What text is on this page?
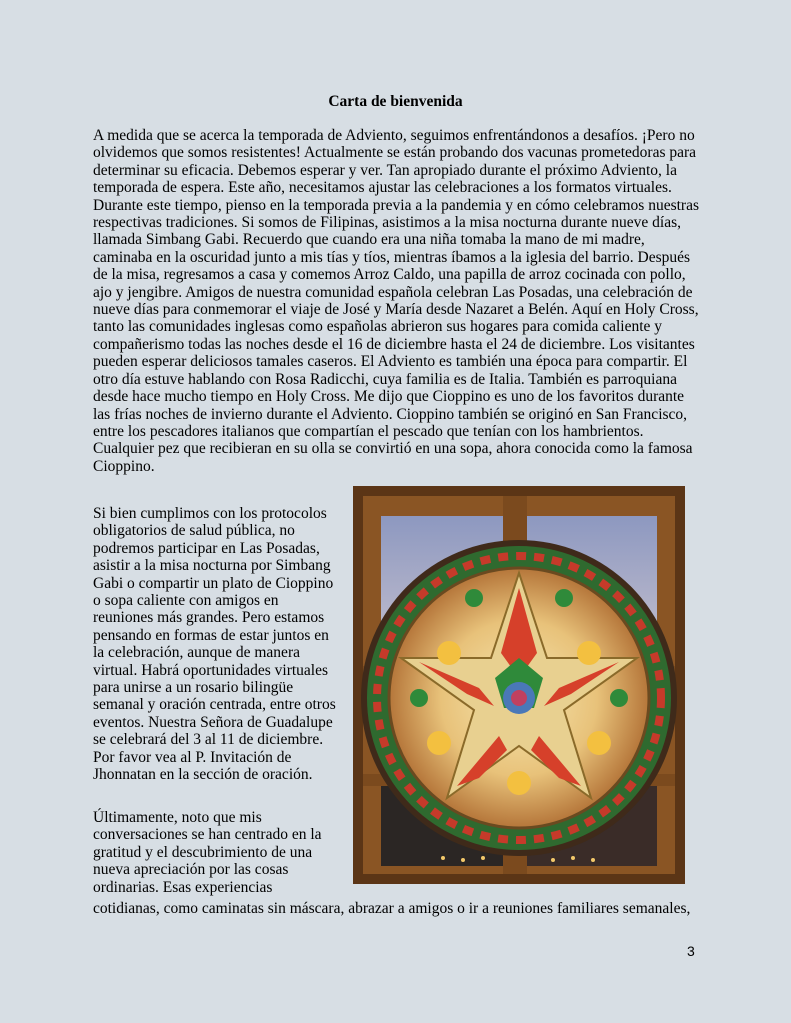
Carta de bienvenida

A medida que se acerca la temporada de Adviento, seguimos enfrentándonos a desafíos. ¡Pero no olvidemos que somos resistentes! Actualmente se están probando dos vacunas prometedoras para determinar su eficacia. Debemos esperar y ver. Tan apropiado durante el próximo Adviento, la temporada de espera. Este año, necesitamos ajustar las celebraciones a los formatos virtuales. Durante este tiempo, pienso en la temporada previa a la pandemia y en cómo celebramos nuestras respectivas tradiciones. Si somos de Filipinas, asistimos a la misa nocturna durante nueve días, llamada Simbang Gabi. Recuerdo que cuando era una niña tomaba la mano de mi madre, caminaba en la oscuridad junto a mis tías y tíos, mientras íbamos a la iglesia del barrio. Después de la misa, regresamos a casa y comemos Arroz Caldo, una papilla de arroz cocinada con pollo, ajo y jengibre. Amigos de nuestra comunidad española celebran Las Posadas, una celebración de nueve días para conmemorar el viaje de José y María desde Nazaret a Belén. Aquí en Holy Cross, tanto las comunidades inglesas como españolas abrieron sus hogares para comida caliente y compañerismo todas las noches desde el 16 de diciembre hasta el 24 de diciembre. Los visitantes pueden esperar deliciosos tamales caseros. El Adviento es también una época para compartir. El otro día estuve hablando con Rosa Radicchi, cuya familia es de Italia. También es parroquiana desde hace mucho tiempo en Holy Cross. Me dijo que Cioppino es uno de los favoritos durante las frías noches de invierno durante el Adviento. Cioppino también se originó en San Francisco, entre los pescadores italianos que compartían el pescado que tenían con los hambrientos. Cualquier pez que recibieran en su olla se convirtió en una sopa, ahora conocida como la famosa Cioppino.

Si bien cumplimos con los protocolos obligatorios de salud pública, no podremos participar en Las Posadas, asistir a la misa nocturna por Simbang Gabi o compartir un plato de Cioppino o sopa caliente con amigos en reuniones más grandes. Pero estamos pensando en formas de estar juntos en la celebración, aunque de manera virtual. Habrá oportunidades virtuales para unirse a un rosario bilingüe semanal y oración centrada, entre otros eventos. Nuestra Señora de Guadalupe se celebrará del 3 al 11 de diciembre. Por favor vea al P. Invitación de Jhonnatan en la sección de oración.

Últimamente, noto que mis conversaciones se han centrado en la gratitud y el descubrimiento de una nueva apreciación por las cosas ordinarias. Esas experiencias

cotidianas, como caminatas sin máscara, abrazar a amigos o ir a reuniones familiares semanales,

3
